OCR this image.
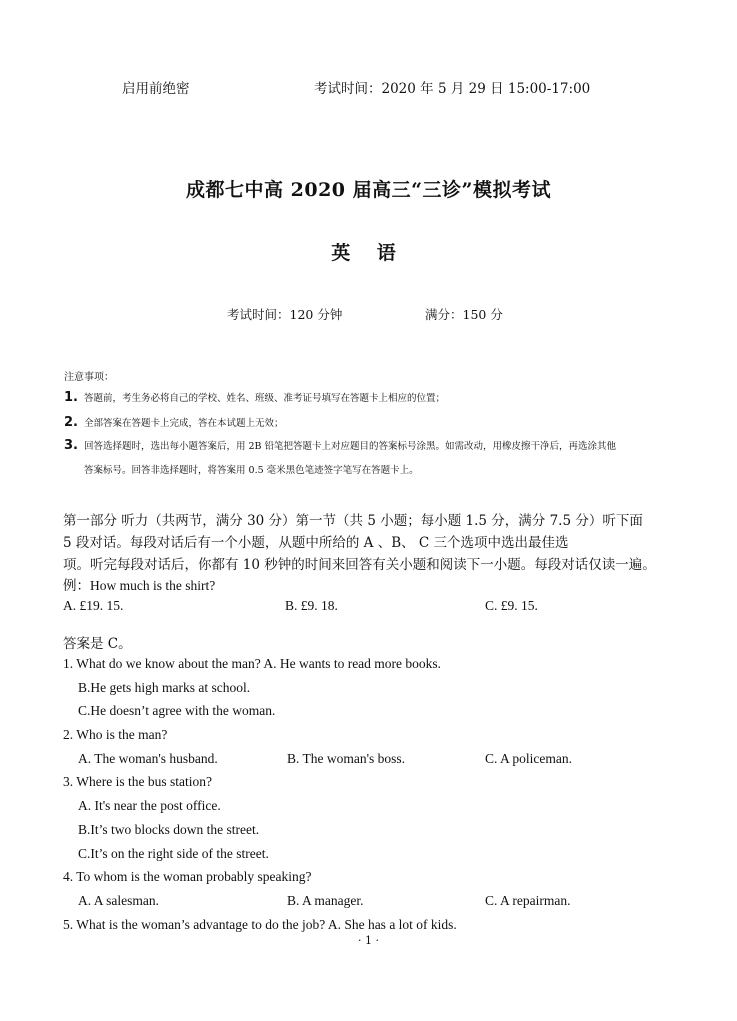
启用前绝密	考试时间：2020 年 5 月 29 日 15:00-17:00
成都七中高 2020 届高三“三诊”模拟考试
英 语
考试时间：120 分钟	满分：150 分
注意事项：
1. 答题前，考生务必将自己的学校、姓名、班级、准考证号填写在答题卡上相应的位置；
2. 全部答案在答题卡上完成，答在本试题上无效；
3. 回答选择题时，选出每小题答案后，用 2B 铅笔把答题卡上对应题目的答案标号涂黑。如需改动，用橡皮擦干净后，再选涂其他
答案标号。回答非选择题时，将答案用 0.5 毫米黑色笔迹签字笔写在答题卡上。
第一部分 听力（共两节，满分 30 分）第一节（共 5 小题；每小题 1.5 分，满分 7.5 分）听下面
5 段对话。每段对话后有一个小题，从题中所给的 A 、B、 C 三个选项中选出最佳选
项。听完每段对话后，你都有 10 秒钟的时间来回答有关小题和阅读下一小题。每段对话仅读一遍。
例：How much is the shirt?
A. £19. 15.	B. £9. 18.	C. £9. 15.
答案是 C。
1. What do we know about the man? A. He wants to read more books.
B.He gets high marks at school.
C.He doesn’t agree with the woman.
2. Who is the man?
A. The woman's husband.	B. The woman's boss.	C. A policeman.
3. Where is the bus station?
A. It's near the post office.
B.It’s two blocks down the street.
C.It’s on the right side of the street.
4. To whom is the woman probably speaking?
A. A salesman.	B. A manager.	C. A repairman.
5. What is the woman’s advantage to do the job? A. She has a lot of kids.
· 1 ·
